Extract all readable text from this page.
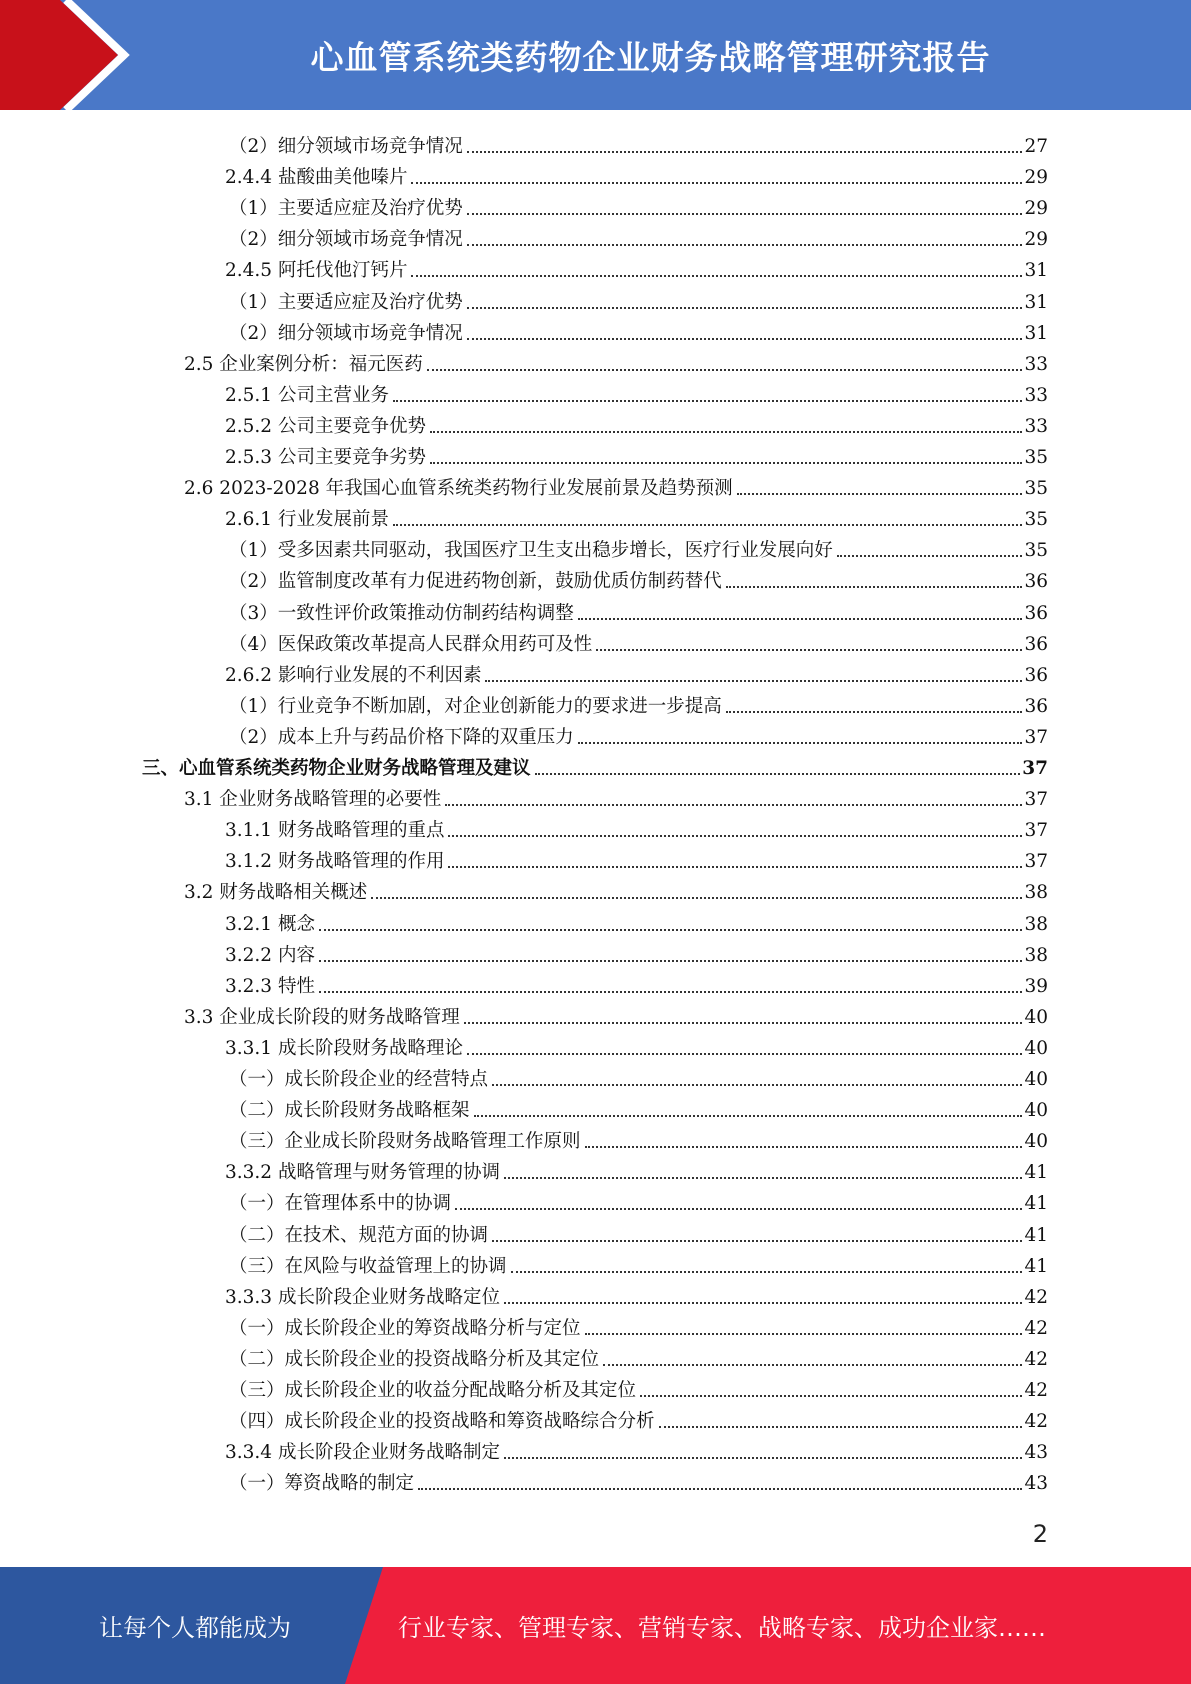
心血管系统类药物企业财务战略管理研究报告
（2）细分领域市场竞争情况	27
2.4.4 盐酸曲美他嗪片	29
（1）主要适应症及治疗优势	29
（2）细分领域市场竞争情况	29
2.4.5 阿托伐他汀钙片	31
（1）主要适应症及治疗优势	31
（2）细分领域市场竞争情况	31
2.5 企业案例分析：福元医药	33
2.5.1 公司主营业务	33
2.5.2 公司主要竞争优势	33
2.5.3 公司主要竞争劣势	35
2.6 2023-2028 年我国心血管系统类药物行业发展前景及趋势预测	35
2.6.1 行业发展前景	35
（1）受多因素共同驱动，我国医疗卫生支出稳步增长，医疗行业发展向好	35
（2）监管制度改革有力促进药物创新，鼓励优质仿制药替代	36
（3）一致性评价政策推动仿制药结构调整	36
（4）医保政策改革提高人民群众用药可及性	36
2.6.2 影响行业发展的不利因素	36
（1）行业竞争不断加剧，对企业创新能力的要求进一步提高	36
（2）成本上升与药品价格下降的双重压力	37
三、心血管系统类药物企业财务战略管理及建议	37
3.1 企业财务战略管理的必要性	37
3.1.1 财务战略管理的重点	37
3.1.2 财务战略管理的作用	37
3.2 财务战略相关概述	38
3.2.1 概念	38
3.2.2 内容	38
3.2.3 特性	39
3.3 企业成长阶段的财务战略管理	40
3.3.1 成长阶段财务战略理论	40
（一）成长阶段企业的经营特点	40
（二）成长阶段财务战略框架	40
（三）企业成长阶段财务战略管理工作原则	40
3.3.2 战略管理与财务管理的协调	41
（一）在管理体系中的协调	41
（二）在技术、规范方面的协调	41
（三）在风险与收益管理上的协调	41
3.3.3 成长阶段企业财务战略定位	42
（一）成长阶段企业的筹资战略分析与定位	42
（二）成长阶段企业的投资战略分析及其定位	42
（三）成长阶段企业的收益分配战略分析及其定位	42
（四）成长阶段企业的投资战略和筹资战略综合分析	42
3.3.4 成长阶段企业财务战略制定	43
（一）筹资战略的制定	43
2
让每个人都能成为	行业专家、管理专家、营销专家、战略专家、成功企业家……
